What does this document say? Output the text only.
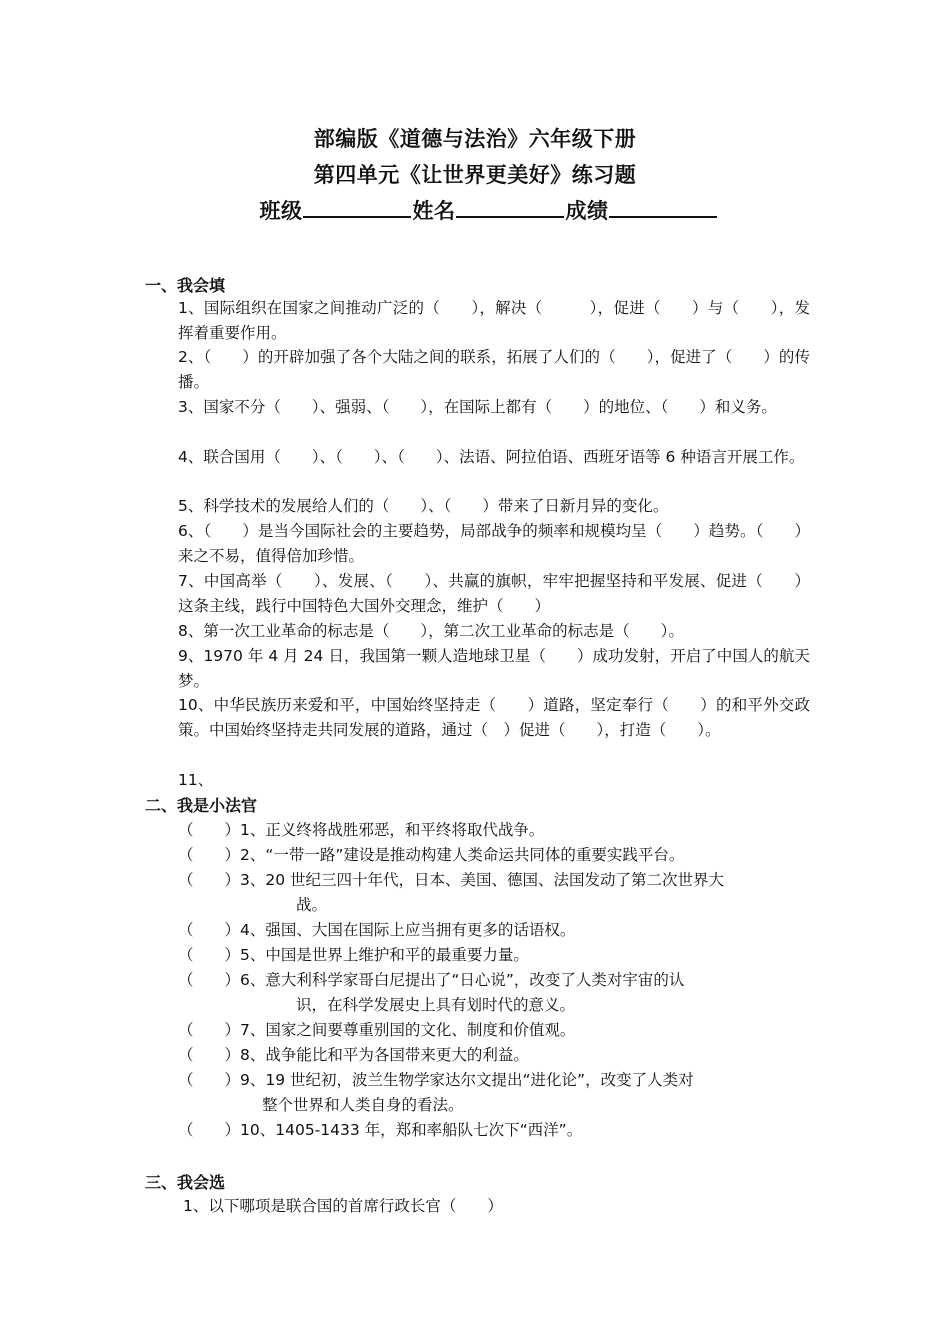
部编版《道德与法治》六年级下册
第四单元《让世界更美好》练习题
班级	姓名	成绩
一、我会填
1、国际组织在国家之间推动广泛的（　　），解决（　　　），促进（　　）与（　　），发挥着重要作用。
2、（　　）的开辟加强了各个大陆之间的联系，拓展了人们的（　　），促进了（　　）的传播。
3、国家不分（　　）、强弱、（　　），在国际上都有（　　）的地位、（　　）和义务。
4、联合国用（　　）、（　　）、（　　）、法语、阿拉伯语、西班牙语等 6 种语言开展工作。
5、科学技术的发展给人们的（　　）、（　　）带来了日新月异的变化。
6、（　　）是当今国际社会的主要趋势，局部战争的频率和规模均呈（　　）趋势。（　　）来之不易，值得倍加珍惜。
7、中国高举（　　）、发展、（　　）、共赢的旗帜，牢牢把握坚持和平发展、促进（　　）这条主线，践行中国特色大国外交理念，维护（　　）
8、第一次工业革命的标志是（　　），第二次工业革命的标志是（　　）。
9、1970 年 4 月 24 日，我国第一颗人造地球卫星（　　）成功发射，开启了中国人的航天梦。
10、中华民族历来爱和平，中国始终坚持走（　　）道路，坚定奉行（　　）的和平外交政策。中国始终坚持走共同发展的道路，通过（　）促进（　　），打造（　　）。
11、
二、我是小法官
（　　）1、正义终将战胜邪恶，和平终将取代战争。
（　　）2、“一带一路”建设是推动构建人类命运共同体的重要实践平台。
（　　）3、20 世纪三四十年代，日本、美国、德国、法国发动了第二次世界大
战。
（　　）4、强国、大国在国际上应当拥有更多的话语权。
（　　）5、中国是世界上维护和平的最重要力量。
（　　）6、意大利科学家哥白尼提出了“日心说”，改变了人类对宇宙的认
识，在科学发展史上具有划时代的意义。
（　　）7、国家之间要尊重别国的文化、制度和价值观。
（　　）8、战争能比和平为各国带来更大的利益。
（　　）9、19 世纪初，波兰生物学家达尔文提出“进化论”，改变了人类对
整个世界和人类自身的看法。
（　　）10、1405-1433 年，郑和率船队七次下“西洋”。
三、我会选
1、以下哪项是联合国的首席行政长官（　　）
